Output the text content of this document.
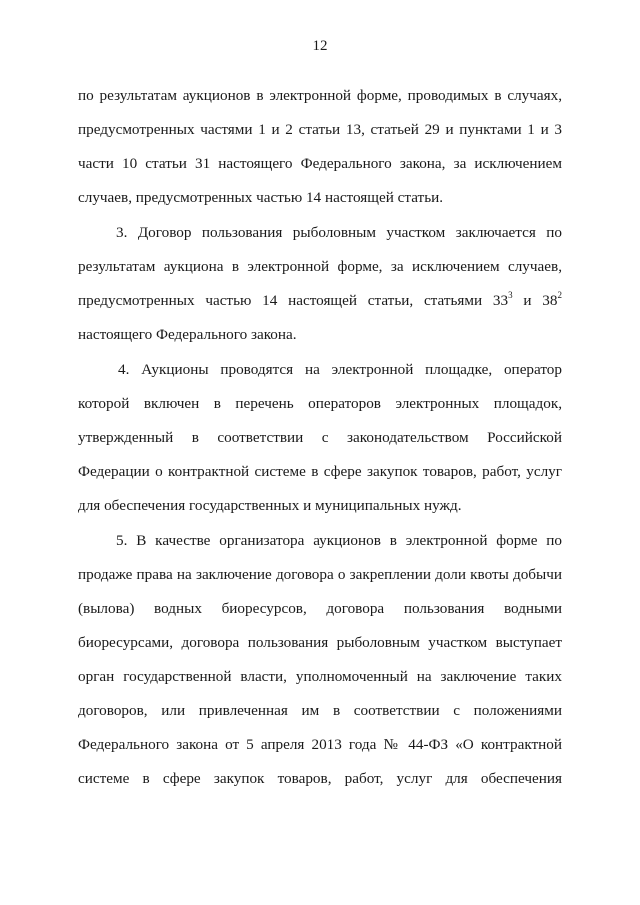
12
по результатам аукционов в электронной форме, проводимых в случаях,
предусмотренных частями 1 и 2 статьи 13, статьей 29 и пунктами 1 и 3
части 10 статьи 31 настоящего Федерального закона, за исключением
случаев, предусмотренных частью 14 настоящей статьи.
3. Договор пользования рыболовным участком заключается по
результатам аукциона в электронной форме, за исключением случаев,
предусмотренных частью 14 настоящей статьи, статьями $33^3$ и $38^2$
настоящего Федерального закона.
4. Аукционы проводятся на электронной площадке, оператор
которой включен в перечень операторов электронных площадок,
утвержденный в соответствии с законодательством Российской
Федерации о контрактной системе в сфере закупок товаров, работ, услуг
для обеспечения государственных и муниципальных нужд.
5. В качестве организатора аукционов в электронной форме по
продаже права на заключение договора о закреплении доли квоты добычи
(вылова) водных биоресурсов, договора пользования водными
биоресурсами, договора пользования рыболовным участком выступает
орган государственной власти, уполномоченный на заключение таких
договоров, или привлеченная им в соответствии с положениями
Федерального закона от 5 апреля 2013 года № 44-ФЗ «О контрактной
системе в сфере закупок товаров, работ, услуг для обеспечения
